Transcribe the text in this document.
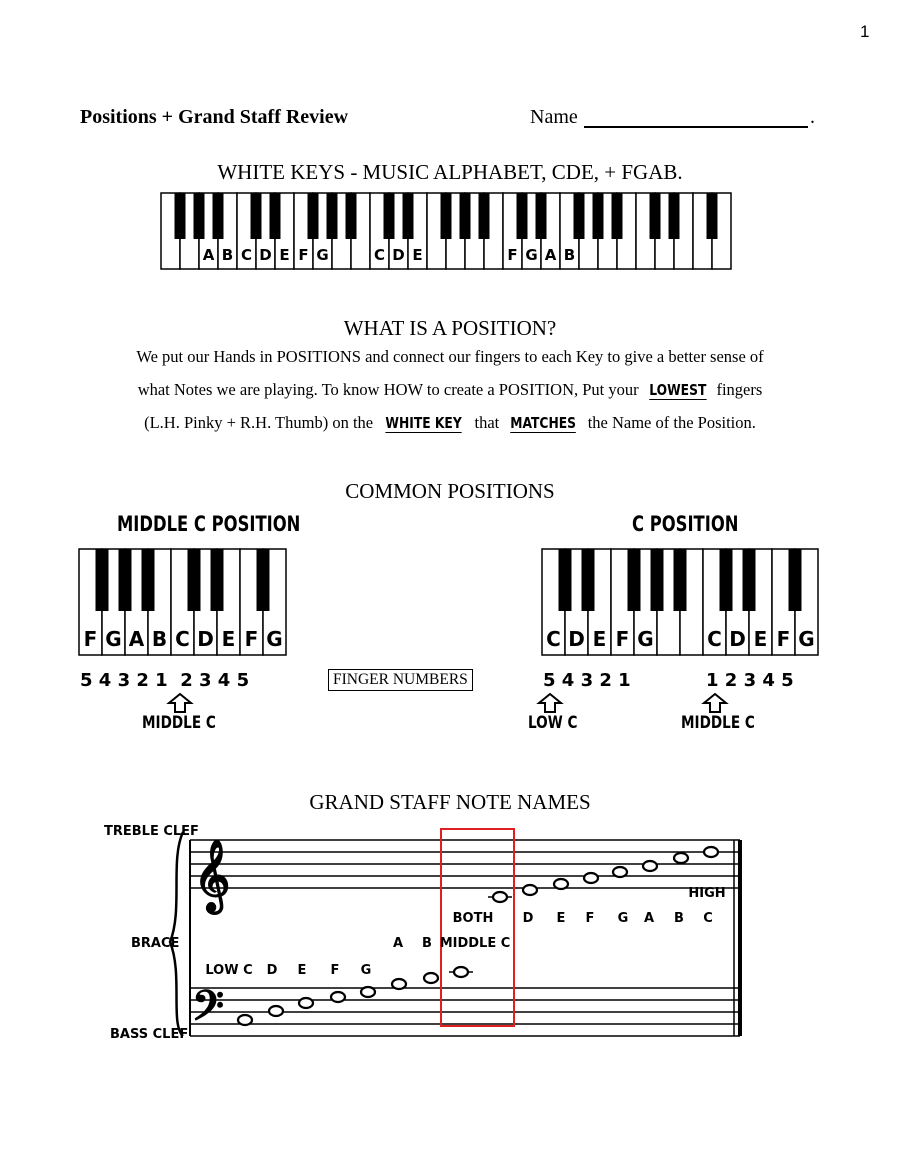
1
Positions + Grand Staff Review	Name	.
WHITE KEYS - MUSIC ALPHABET, CDE, + FGAB.
A B C D E F G	C D E	F G A B
WHAT IS A POSITION?
We put our Hands in POSITIONS and connect our fingers to each Key to give a better sense of
what Notes we are playing. To know HOW to create a POSITION, Put your LOWEST fingers
(L.H. Pinky + R.H. Thumb) on the WHITE KEY that MATCHES the Name of the Position.
COMMON POSITIONS
MIDDLE C POSITION
F G A B C D E F G
5 4 3 2 1  2 3 4 5
MIDDLE C
FINGER NUMBERS
C POSITION
C D E F G	C D E F G
5 4 3 2 1	1 2 3 4 5
LOW C	MIDDLE C
GRAND STAFF NOTE NAMES
𝄞
𝄢
TREBLE CLEF
BRACE
BASS CLEF
LOW C D E F G
A B
BOTH
MIDDLE C
D E F G A B C
HIGH
